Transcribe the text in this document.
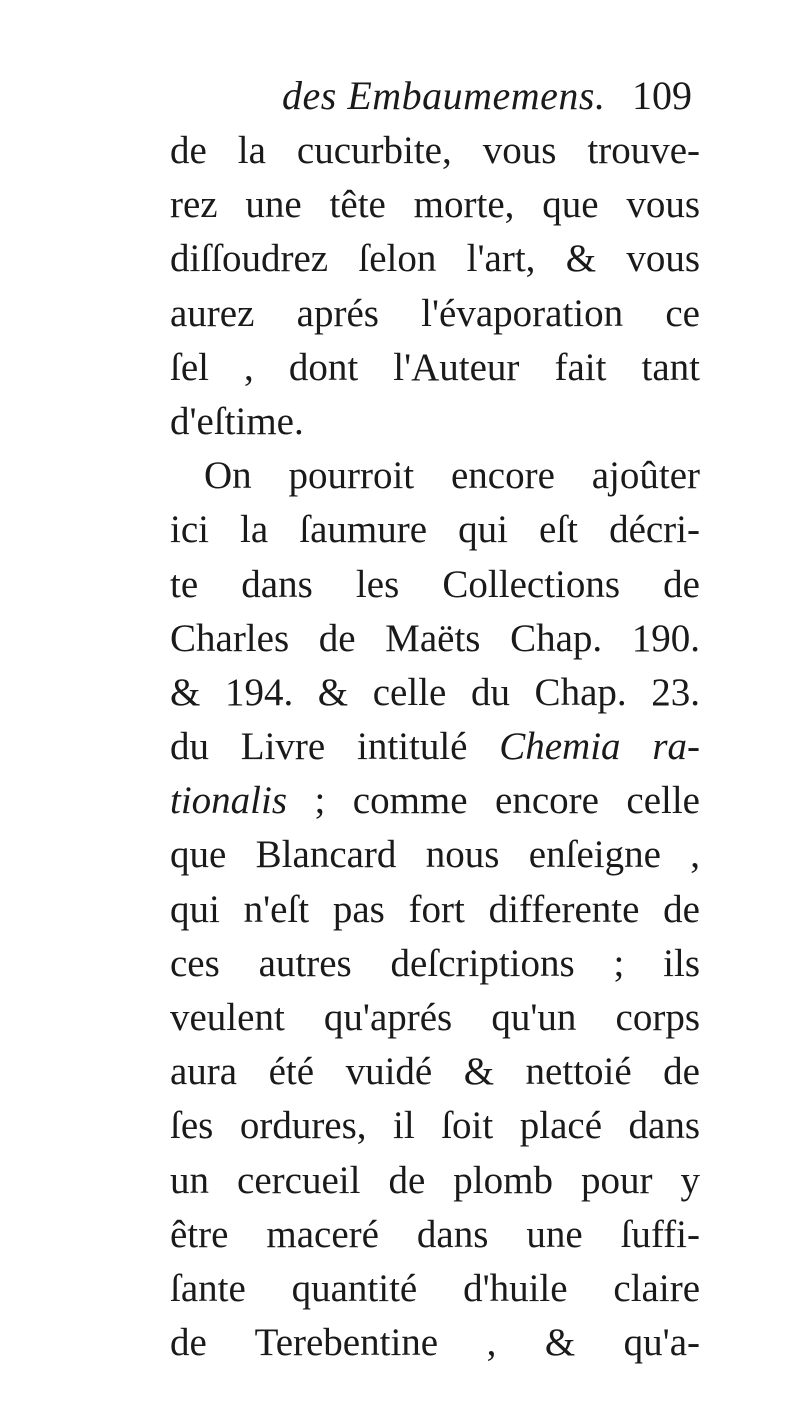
des Embaumemens. 109
de la cucurbite, vous trouve-
rez une tête morte, que vous
diſſoudrez ſelon l'art, & vous
aurez aprés l'évaporation ce
ſel , dont l'Auteur fait tant
d'eſtime.
On pourroit encore ajoûter
ici la ſaumure qui eſt décri-
te dans les Collections de
Charles de Maëts Chap. 190.
& 194. & celle du Chap. 23.
du Livre intitulé Chemia ra-
tionalis ; comme encore celle
que Blancard nous enſeigne ,
qui n'eſt pas fort differente de
ces autres deſcriptions ; ils
veulent qu'aprés qu'un corps
aura été vuidé & nettoié de
ſes ordures, il ſoit placé dans
un cercueil de plomb pour y
être maceré dans une ſuffi-
ſante quantité d'huile claire
de Terebentine , & qu'a-
